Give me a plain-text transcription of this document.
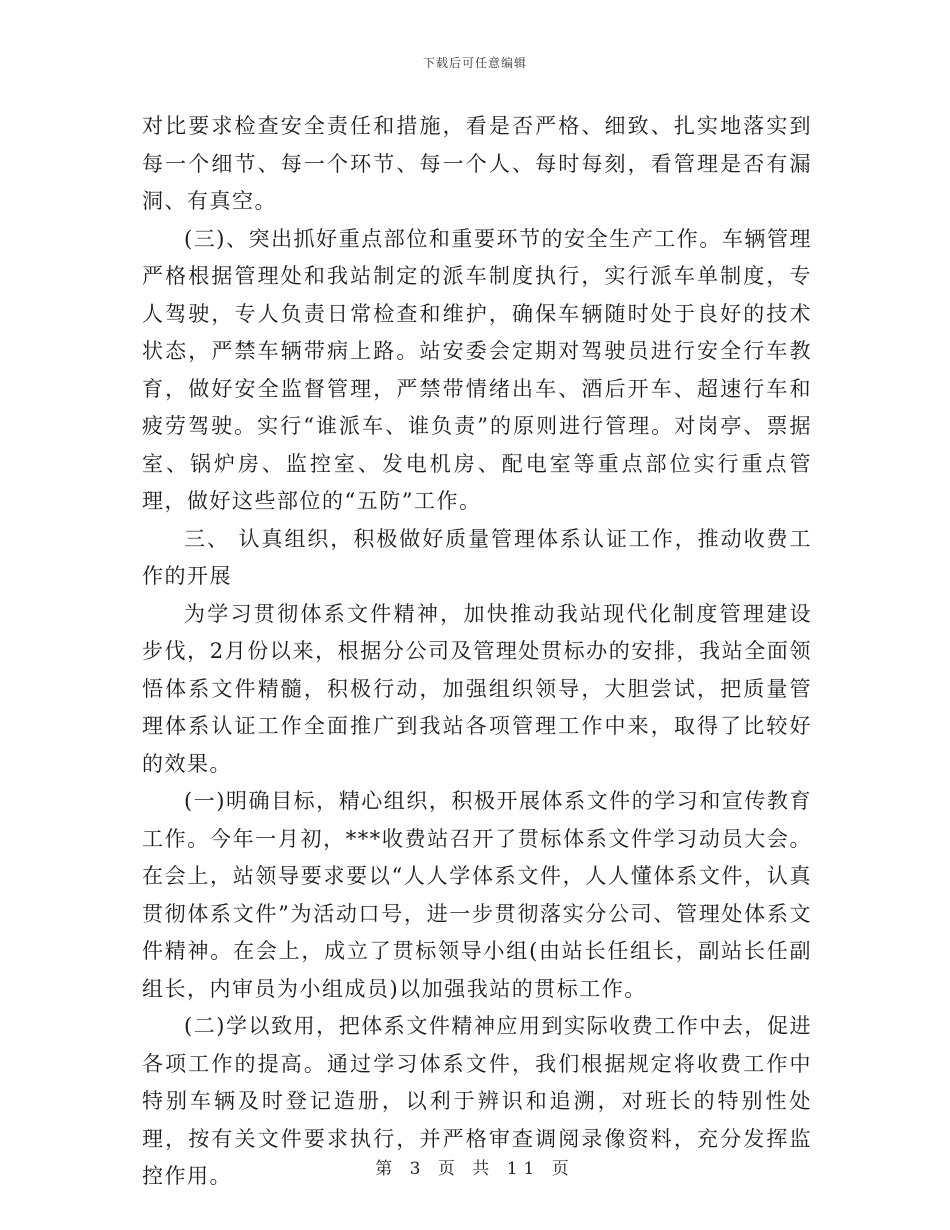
下载后可任意编辑

对比要求检查安全责任和措施，看是否严格、细致、扎实地落实到每一个细节、每一个环节、每一个人、每时每刻，看管理是否有漏洞、有真空。

(三)、突出抓好重点部位和重要环节的安全生产工作。车辆管理严格根据管理处和我站制定的派车制度执行，实行派车单制度，专人驾驶，专人负责日常检查和维护，确保车辆随时处于良好的技术状态，严禁车辆带病上路。站安委会定期对驾驶员进行安全行车教育，做好安全监督管理，严禁带情绪出车、酒后开车、超速行车和疲劳驾驶。实行“谁派车、谁负责”的原则进行管理。对岗亭、票据室、锅炉房、监控室、发电机房、配电室等重点部位实行重点管理，做好这些部位的“五防”工作。

三、 认真组织，积极做好质量管理体系认证工作，推动收费工作的开展

为学习贯彻体系文件精神，加快推动我站现代化制度管理建设步伐，2月份以来，根据分公司及管理处贯标办的安排，我站全面领悟体系文件精髓，积极行动，加强组织领导，大胆尝试，把质量管理体系认证工作全面推广到我站各项管理工作中来，取得了比较好的效果。

(一)明确目标，精心组织，积极开展体系文件的学习和宣传教育工作。今年一月初，***收费站召开了贯标体系文件学习动员大会。在会上，站领导要求要以“人人学体系文件，人人懂体系文件，认真贯彻体系文件”为活动口号，进一步贯彻落实分公司、管理处体系文件精神。在会上，成立了贯标领导小组(由站长任组长，副站长任副组长，内审员为小组成员)以加强我站的贯标工作。

(二)学以致用，把体系文件精神应用到实际收费工作中去，促进各项工作的提高。通过学习体系文件，我们根据规定将收费工作中特别车辆及时登记造册，以利于辨识和追溯，对班长的特别性处理，按有关文件要求执行，并严格审查调阅录像资料，充分发挥监控作用。	第 3 页 共 11 页
